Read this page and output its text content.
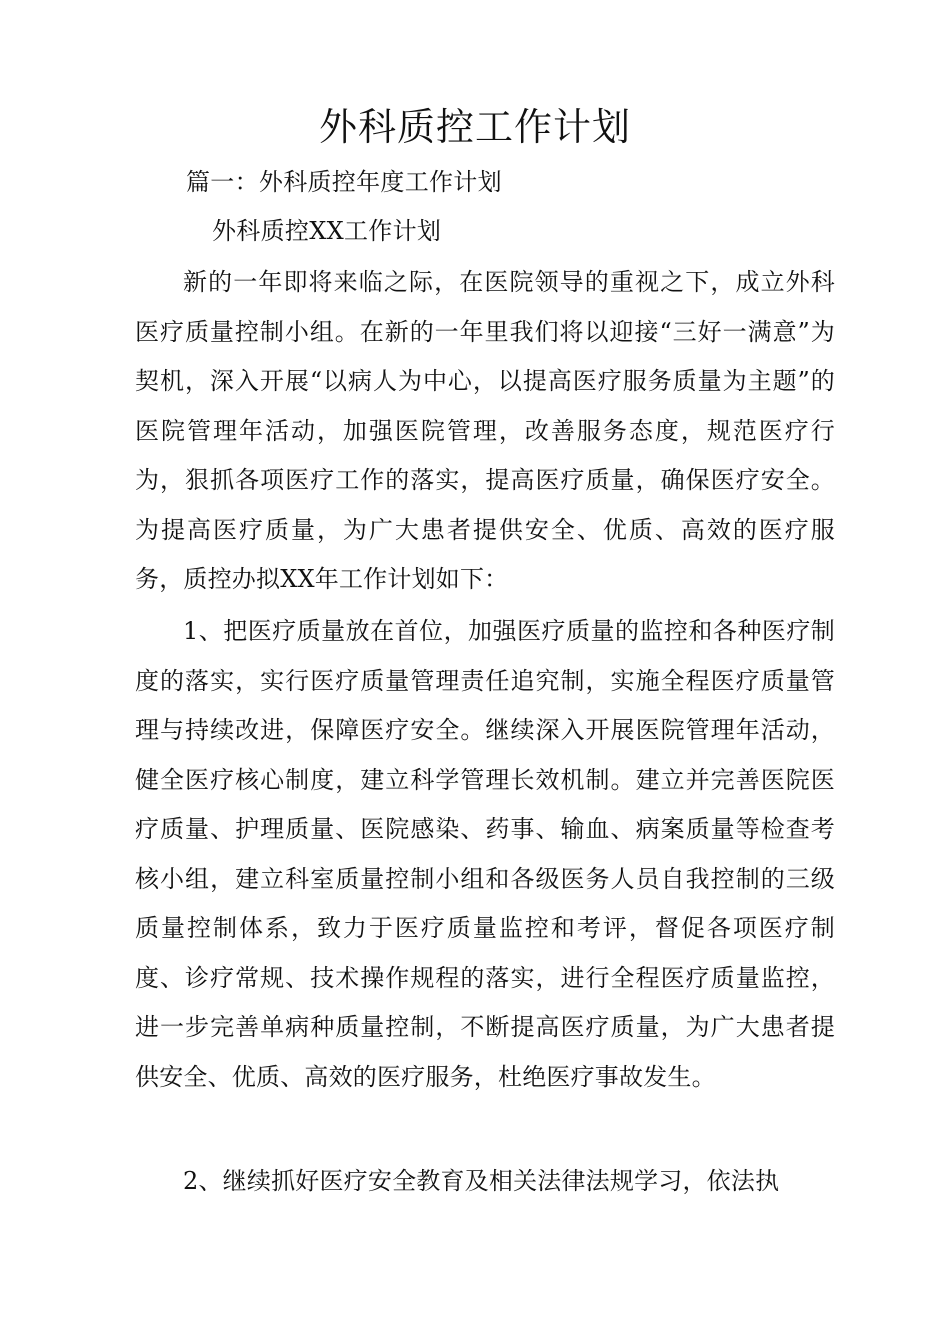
外科质控工作计划
篇一：外科质控年度工作计划
外科质控XX工作计划
新的一年即将来临之际，在医院领导的重视之下，成立外科医疗质量控制小组。在新的一年里我们将以迎接“三好一满意”为契机，深入开展“以病人为中心，以提高医疗服务质量为主题”的医院管理年活动，加强医院管理，改善服务态度，规范医疗行为，狠抓各项医疗工作的落实，提高医疗质量，确保医疗安全。为提高医疗质量，为广大患者提供安全、优质、高效的医疗服务，质控办拟XX年工作计划如下：
1、把医疗质量放在首位，加强医疗质量的监控和各种医疗制度的落实，实行医疗质量管理责任追究制，实施全程医疗质量管理与持续改进，保障医疗安全。继续深入开展医院管理年活动，健全医疗核心制度，建立科学管理长效机制。建立并完善医院医疗质量、护理质量、医院感染、药事、输血、病案质量等检查考核小组，建立科室质量控制小组和各级医务人员自我控制的三级质量控制体系，致力于医疗质量监控和考评，督促各项医疗制度、诊疗常规、技术操作规程的落实，进行全程医疗质量监控，进一步完善单病种质量控制，不断提高医疗质量，为广大患者提供安全、优质、高效的医疗服务，杜绝医疗事故发生。
2、继续抓好医疗安全教育及相关法律法规学习，依法执
